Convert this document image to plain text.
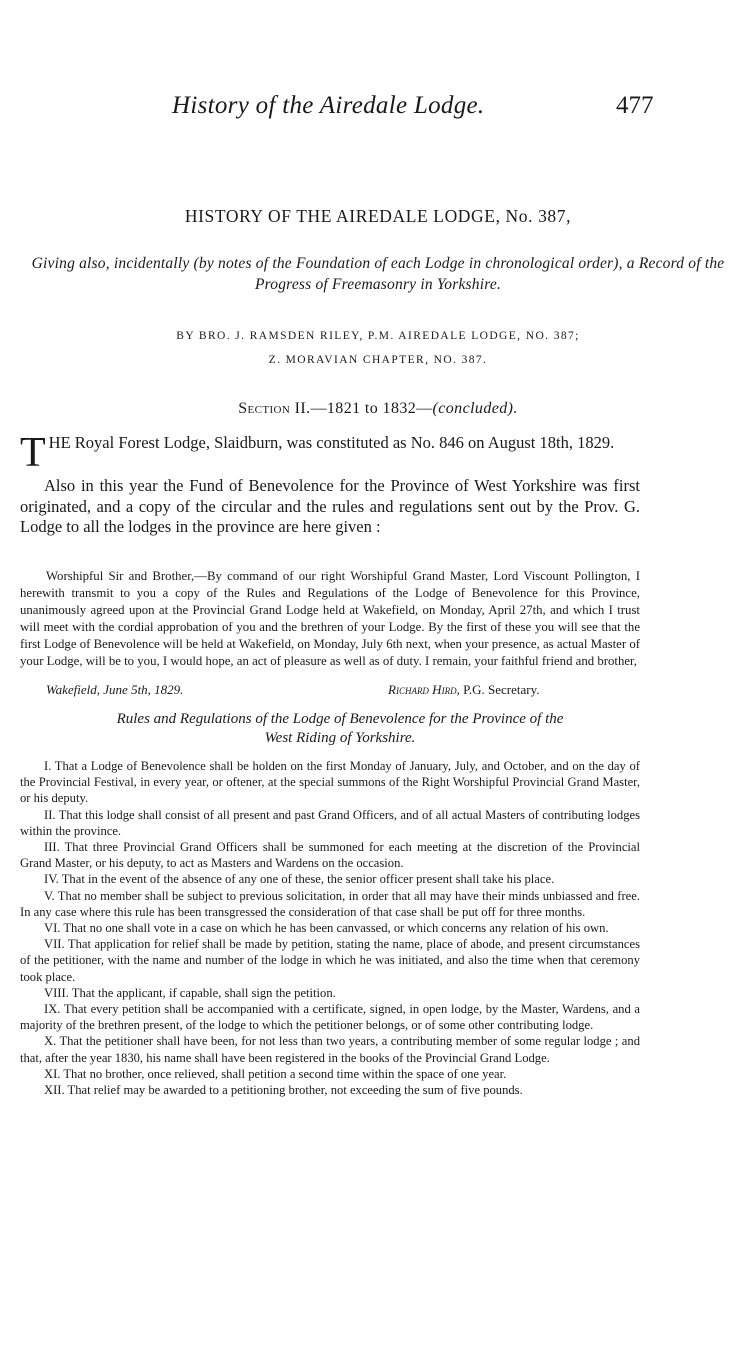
History of the Airedale Lodge.	477
HISTORY OF THE AIREDALE LODGE, No. 387,
Giving also, incidentally (by notes of the Foundation of each Lodge in chronological order), a Record of the Progress of Freemasonry in Yorkshire.
BY BRO. J. RAMSDEN RILEY, P.M. AIREDALE LODGE, NO. 387;
Z. MORAVIAN CHAPTER, NO. 387.
Section II.—1821 to 1832—(concluded).
THE Royal Forest Lodge, Slaidburn, was constituted as No. 846 on August 18th, 1829.
Also in this year the Fund of Benevolence for the Province of West Yorkshire was first originated, and a copy of the circular and the rules and regulations sent out by the Prov. G. Lodge to all the lodges in the province are here given :
Worshipful Sir and Brother,—By command of our right Worshipful Grand Master, Lord Viscount Pollington, I herewith transmit to you a copy of the Rules and Regulations of the Lodge of Benevolence for this Province, unanimously agreed upon at the Provincial Grand Lodge held at Wakefield, on Monday, April 27th, and which I trust will meet with the cordial approbation of you and the brethren of your Lodge. By the first of these you will see that the first Lodge of Benevolence will be held at Wakefield, on Monday, July 6th next, when your presence, as actual Master of your Lodge, will be to you, I would hope, an act of pleasure as well as of duty. I remain, your faithful friend and brother,
Wakefield, June 5th, 1829.	Richard Hird, P.G. Secretary.
Rules and Regulations of the Lodge of Benevolence for the Province of the
West Riding of Yorkshire.

I. That a Lodge of Benevolence shall be holden on the first Monday of January, July, and October, and on the day of the Provincial Festival, in every year, or oftener, at the special summons of the Right Worshipful Provincial Grand Master, or his deputy.

II. That this lodge shall consist of all present and past Grand Officers, and of all actual Masters of contributing lodges within the province.

III. That three Provincial Grand Officers shall be summoned for each meeting at the discretion of the Provincial Grand Master, or his deputy, to act as Masters and Wardens on the occasion.

IV. That in the event of the absence of any one of these, the senior officer present shall take his place.

V. That no member shall be subject to previous solicitation, in order that all may have their minds unbiassed and free. In any case where this rule has been transgressed the consideration of that case shall be put off for three months.

VI. That no one shall vote in a case on which he has been canvassed, or which concerns any relation of his own.

VII. That application for relief shall be made by petition, stating the name, place of abode, and present circumstances of the petitioner, with the name and number of the lodge in which he was initiated, and also the time when that ceremony took place.

VIII. That the applicant, if capable, shall sign the petition.

IX. That every petition shall be accompanied with a certificate, signed, in open lodge, by the Master, Wardens, and a majority of the brethren present, of the lodge to which the petitioner belongs, or of some other contributing lodge.

X. That the petitioner shall have been, for not less than two years, a contributing member of some regular lodge ; and that, after the year 1830, his name shall have been registered in the books of the Provincial Grand Lodge.

XI. That no brother, once relieved, shall petition a second time within the space of one year.

XII. That relief may be awarded to a petitioning brother, not exceeding the sum of five pounds.
